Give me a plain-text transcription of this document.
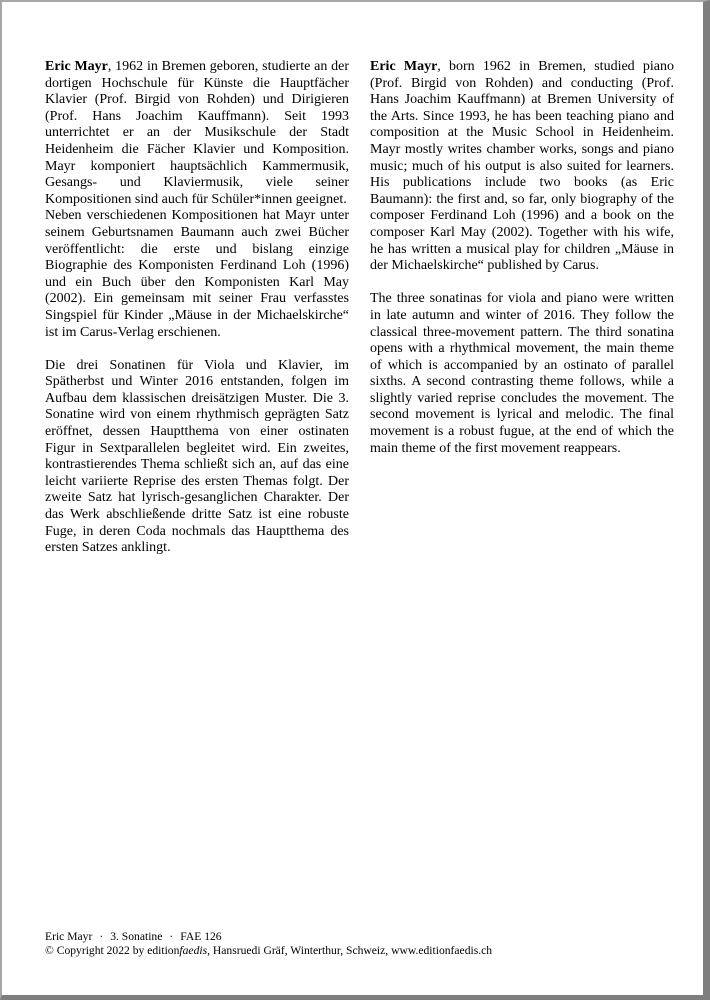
Eric Mayr, 1962 in Bremen geboren, studierte an der dortigen Hochschule für Künste die Hauptfächer Klavier (Prof. Birgid von Rohden) und Dirigieren (Prof. Hans Joachim Kauffmann). Seit 1993 unterrichtet er an der Musikschule der Stadt Heidenheim die Fächer Klavier und Komposition. Mayr komponiert hauptsächlich Kammermusik, Gesangs- und Klaviermusik, viele seiner Kompositionen sind auch für Schüler*innen geeignet.

Neben verschiedenen Kompositionen hat Mayr unter seinem Geburtsnamen Baumann auch zwei Bücher veröffentlicht: die erste und bislang einzige Biographie des Komponisten Ferdinand Loh (1996) und ein Buch über den Komponisten Karl May (2002). Ein gemeinsam mit seiner Frau verfasstes Singspiel für Kinder „Mäuse in der Michaelskirche“ ist im Carus-Verlag erschienen.

Die drei Sonatinen für Viola und Klavier, im Spätherbst und Winter 2016 entstanden, folgen im Aufbau dem klassischen dreisätzigen Muster. Die 3. Sonatine wird von einem rhythmisch geprägten Satz eröffnet, dessen Hauptthema von einer ostinaten Figur in Sextparallelen begleitet wird. Ein zweites, kontrastierendes Thema schließt sich an, auf das eine leicht variierte Reprise des ersten Themas folgt. Der zweite Satz hat lyrisch-gesanglichen Charakter. Der das Werk abschließende dritte Satz ist eine robuste Fuge, in deren Coda nochmals das Hauptthema des ersten Satzes anklingt.

Eric Mayr, born 1962 in Bremen, studied piano (Prof. Birgid von Rohden) and conducting (Prof. Hans Joachim Kauffmann) at Bremen University of the Arts. Since 1993, he has been teaching piano and composition at the Music School in Heidenheim. Mayr mostly writes chamber works, songs and piano music; much of his output is also suited for learners. His publications include two books (as Eric Baumann): the first and, so far, only biography of the composer Ferdinand Loh (1996) and a book on the composer Karl May (2002). Together with his wife, he has written a musical play for children „Mäuse in der Michaelskirche“ published by Carus.

The three sonatinas for viola and piano were written in late autumn and winter of 2016. They follow the classical three-movement pattern. The third sonatina opens with a rhythmical movement, the main theme of which is accompanied by an ostinato of parallel sixths. A second contrasting theme follows, while a slightly varied reprise concludes the movement. The second movement is lyrical and melodic. The final movement is a robust fugue, at the end of which the main theme of the first movement reappears.

Eric Mayr · 3. Sonatine · FAE 126
© Copyright 2022 by editionfaedis, Hansruedi Gräf, Winterthur, Schweiz, www.editionfaedis.ch
